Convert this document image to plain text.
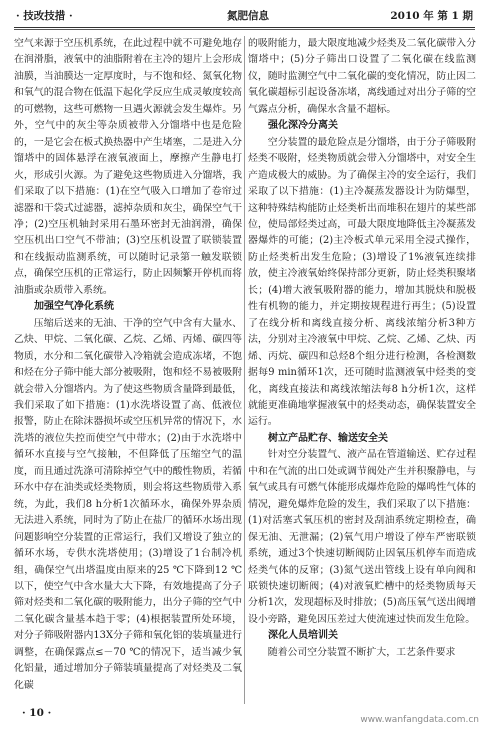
· 技改技措 ·	氮肥信息	2010 年 第 1 期

空气来源于空压机系统，在此过程中就不可避免地存在润滑脂，液氧中的油脂附着在主冷的翅片上会形成油膜，当油膜达一定厚度时，与不饱和烃、氮氧化物和氧气的混合物在低温下起化学反应生成灵敏度较高的可燃物，这些可燃物一旦遇火源就会发生爆炸。另外，空气中的灰尘等杂质被带入分馏塔中也是危险的，一是它会在板式换热器中产生堵塞，二是进入分馏塔中的固体悬浮在液氧液面上，摩擦产生静电打火，形成引火源。为了避免这些物质进入分馏塔，我们采取了以下措施：(1)在空气吸入口增加了卷帘过滤器和干袋式过滤器，滤掉杂质和灰尘，确保空气干净；(2)空压机轴封采用石墨环密封无油润滑，确保空压机出口空气不带油；(3)空压机设置了联锁装置和在线振动监测系统，可以随时记录第一触发联锁点，确保空压机的正常运行，防止因频繁开停机而将油脂或杂质带入系统。

加强空气净化系统

压缩后送来的无油、干净的空气中含有大量水、乙炔、甲烷、二氧化碳、乙烷、乙烯、丙烯、碳四等物质，水分和二氧化碳带入冷箱就会造成冻堵，不饱和烃在分子筛中能大部分被吸附，饱和烃不易被吸附就会带入分馏塔内。为了使这些物质含量降到最低，我们采取了如下措施：(1)水洗塔设置了高、低液位报警，防止在除沫器损坏或空压机异常的情况下，水洗塔的液位失控而使空气中带水；(2)由于水洗塔中循环水直接与空气接触，不但降低了压缩空气的温度，而且通过洗涤可清除掉空气中的酸性物质，若循环水中存在油类或烃类物质，则会将这些物质带入系统，为此，我们8 h分析1次循环水，确保外界杂质无法进入系统，同时为了防止在盐厂的循环水场出现问题影响空分装置的正常运行，我们又增设了独立的循环水场，专供水洗塔使用；(3)增设了1台制冷机组，确保空气出塔温度由原来的25 ℃下降到12 ℃以下，使空气中含水量大大下降，有效地提高了分子筛对烃类和二氧化碳的吸附能力，出分子筛的空气中二氧化碳含量基本趋于零；(4)根据装置所处环境，对分子筛吸附器内13X分子筛和氧化铝的装填量进行调整，在确保露点≤－70 ℃的情况下，适当减少氧化铝量，通过增加分子筛装填量提高了对烃类及二氧化碳

的吸附能力，最大限度地减少烃类及二氧化碳带入分馏塔中；(5)分子筛出口设置了二氧化碳在线监测仪，随时监测空气中二氧化碳的变化情况，防止因二氧化碳超标引起设备冻堵，离线通过对出分子筛的空气露点分析，确保水含量不超标。

强化深冷分离关

空分装置的最危险点是分馏塔，由于分子筛吸附烃类不吸附，烃类物质就会带入分馏塔中，对安全生产造成极大的威胁。为了确保主冷的安全运行，我们采取了以下措施：(1)主冷凝蒸发器设计为防爆型，这种特殊结构能防止烃类析出而堆积在翅片的某些部位，使局部烃类过高，可最大限度地降低主冷凝蒸发器爆炸的可能；(2)主冷板式单元采用全浸式操作，防止烃类析出发生危险；(3)增设了1%液氧连续排放，使主冷液氧始终保持部分更新，防止烃类积聚堵长；(4)增大液氧吸附器的能力，增加其脱炔和脱极性有机物的能力，并定期按规程进行再生；(5)设置了在线分析和离线直接分析、离线浓缩分析3种方法，分别对主冷液氧中甲烷、乙烷、乙烯、乙炔、丙烯、丙烷、碳四和总烃8个组分进行检测，各检测数据每9 min循环1次，还可随时监测液氧中烃类的变化，离线直接法和离线浓缩法每8 h分析1次，这样就能更准确地掌握液氧中的烃类动态，确保装置安全运行。

树立产品贮存、输送安全关

针对空分装置气、液产品在管道输送、贮存过程中和在气流的出口处或调节阀处产生并积聚静电，与氧气或具有可燃气体能形成爆炸危险的爆鸣性气体的情况，避免爆炸危险的发生，我们采取了以下措施：(1)对活塞式氧压机的密封及刮油系统定期检查，确保无油、无泄漏；(2)氧气用户增设了停车严密联锁系统，通过3个快速切断阀防止因氧压机停车而造成烃类气体的反窜；(3)氮气送出管线上设有单向阀和联锁快速切断阀；(4)对液氧贮槽中的烃类物质每天分析1次，发现超标及时排放；(5)高压氧气送出阀增设小旁路，避免因压差过大使流速过快而发生危险。

深化人员培训关

随着公司空分装置不断扩大，工艺条件要求

· 10 ·
www.wanfangdata.com.cn
